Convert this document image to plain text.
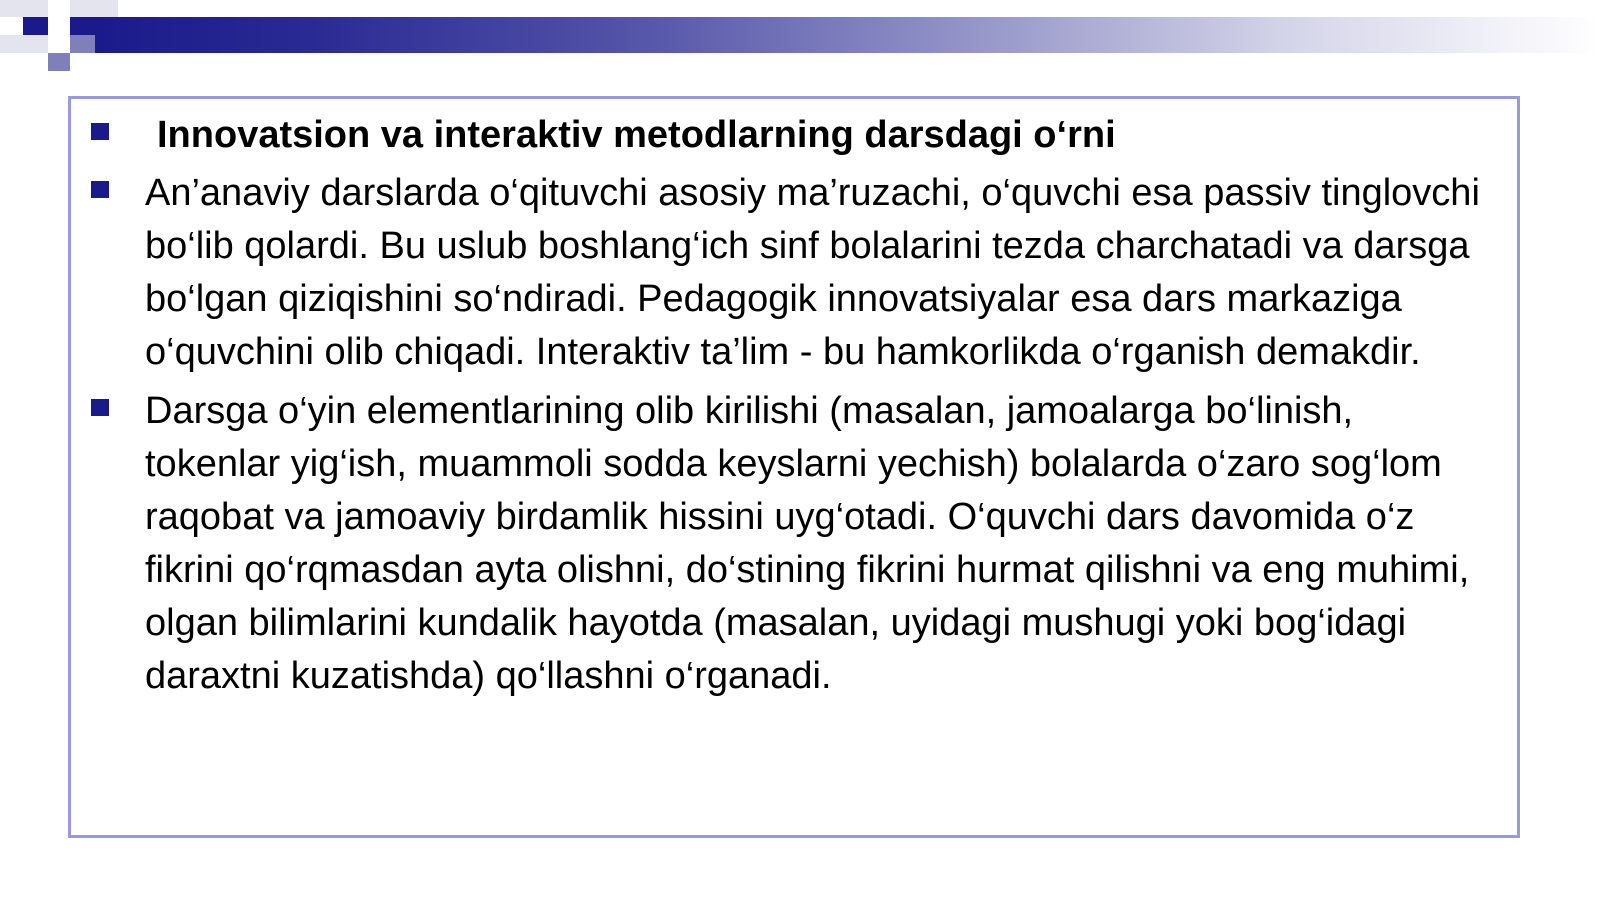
Innovatsion va interaktiv metodlarning darsdagi o‘rni
An’anaviy darslarda o‘qituvchi asosiy ma’ruzachi, o‘quvchi esa passiv tinglovchi bo‘lib qolardi. Bu uslub boshlang‘ich sinf bolalarini tezda charchatadi va darsga bo‘lgan qiziqishini so‘ndiradi. Pedagogik innovatsiyalar esa dars markaziga o‘quvchini olib chiqadi. Interaktiv ta’lim - bu hamkorlikda o‘rganish demakdir.
Darsga o‘yin elementlarining olib kirilishi (masalan, jamoalarga bo‘linish, tokenlar yig‘ish, muammoli sodda keyslarni yechish) bolalarda o‘zaro sog‘lom raqobat va jamoaviy birdamlik hissini uyg‘otadi. O‘quvchi dars davomida o‘z fikrini qo‘rqmasdan ayta olishni, do‘stining fikrini hurmat qilishni va eng muhimi, olgan bilimlarini kundalik hayotda (masalan, uyidagi mushugi yoki bog‘idagi daraxtni kuzatishda) qo‘llashni o‘rganadi.
